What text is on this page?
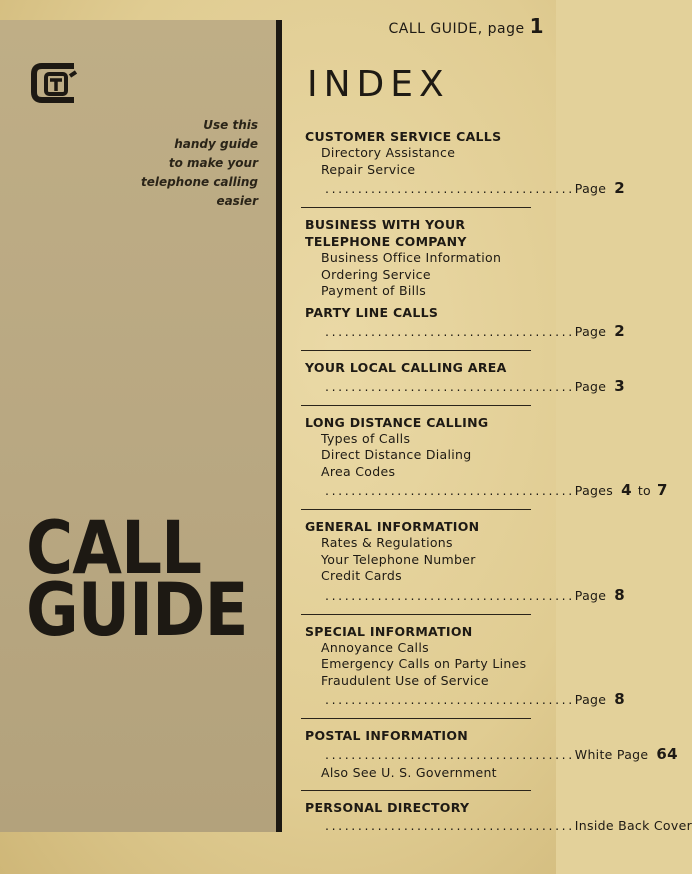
Use this
handy guide
to make your
telephone calling
easier
CALL
GUIDE
CALL GUIDE, page 1
INDEX
CUSTOMER SERVICE CALLS
Directory Assistance
Repair Service
...................................... Page 2
BUSINESS WITH YOUR
TELEPHONE COMPANY
Business Office Information
Ordering Service
Payment of Bills
PARTY LINE CALLS
...................................... Page 2
YOUR LOCAL CALLING AREA
...................................... Page 3
LONG DISTANCE CALLING
Types of Calls
Direct Distance Dialing
Area Codes
...................................... Pages 4 to 7
GENERAL INFORMATION
Rates & Regulations
Your Telephone Number
Credit Cards
...................................... Page 8
SPECIAL INFORMATION
Annoyance Calls
Emergency Calls on Party Lines
Fraudulent Use of Service
...................................... Page 8
POSTAL INFORMATION
...................................... White Page 64
Also See U. S. Government
PERSONAL DIRECTORY
...................................... Inside Back Cover
